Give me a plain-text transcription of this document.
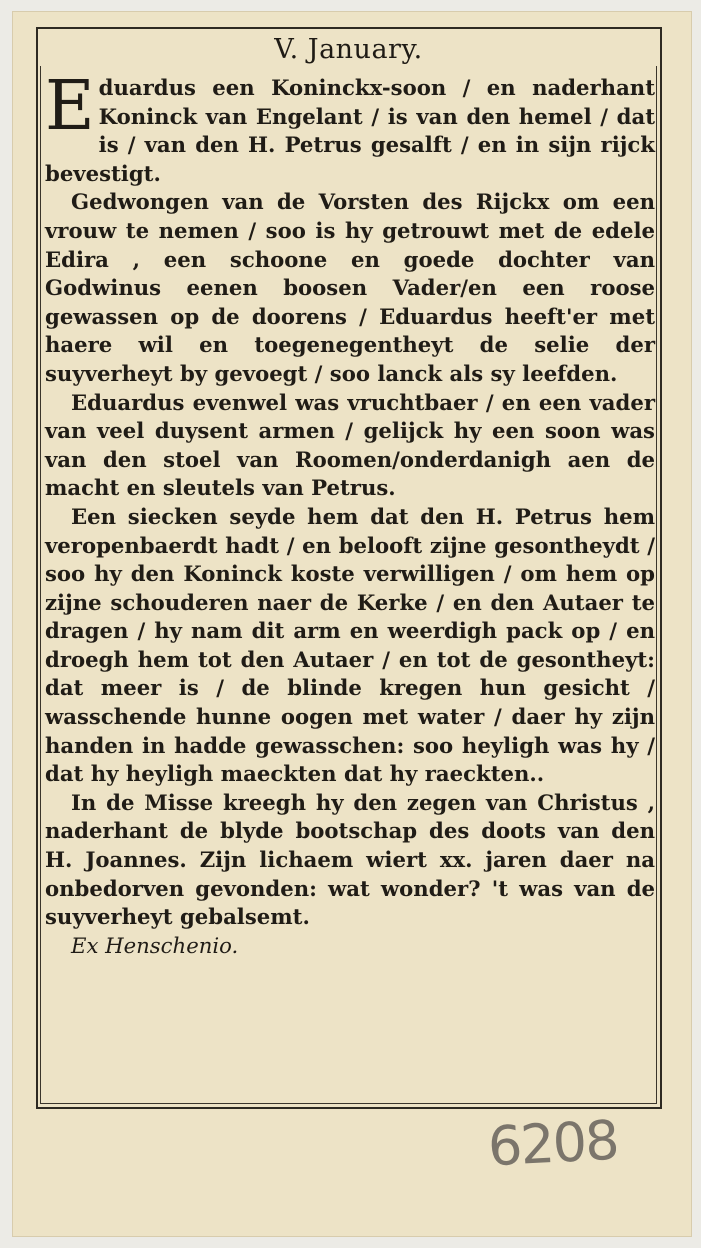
V. January.

Eduardus een Koninckx-soon / en naderhant Koninck van Engelant / is van den hemel / dat is / van den H. Petrus gesalft / en in sijn rijck bevestigt.

Gedwongen van de Vorsten des Rijckx om een vrouw te nemen / soo is hy getrouwt met de edele Edira , een schoone en goede dochter van Godwinus eenen boosen Vader/en een roose gewassen op de doorens / Eduardus heeft'er met haere wil en toegenegentheyt de selie der suyverheyt by gevoegt / soo lanck als sy leefden.

Eduardus evenwel was vruchtbaer / en een vader van veel duysent armen / gelijck hy een soon was van den stoel van Roomen/onderdanigh aen de macht en sleutels van Petrus.

Een siecken seyde hem dat den H. Petrus hem veropenbaerdt hadt / en belooft zijne gesontheydt / soo hy den Koninck koste verwilligen / om hem op zijne schouderen naer de Kerke / en den Autaer te dragen / hy nam dit arm en weerdigh pack op / en droegh hem tot den Autaer / en tot de gesontheyt: dat meer is / de blinde kregen hun gesicht / wasschende hunne oogen met water / daer hy zijn handen in hadde gewasschen: soo heyligh was hy / dat hy heyligh maeckten dat hy raeckten..

In de Misse kreegh hy den zegen van Christus , naderhant de blyde bootschap des doots van den H. Joannes. Zijn lichaem wiert xx. jaren daer na onbedorven gevonden: wat wonder? 't was van de suyverheyt gebalsemt.

Ex Henschenio.

6208
